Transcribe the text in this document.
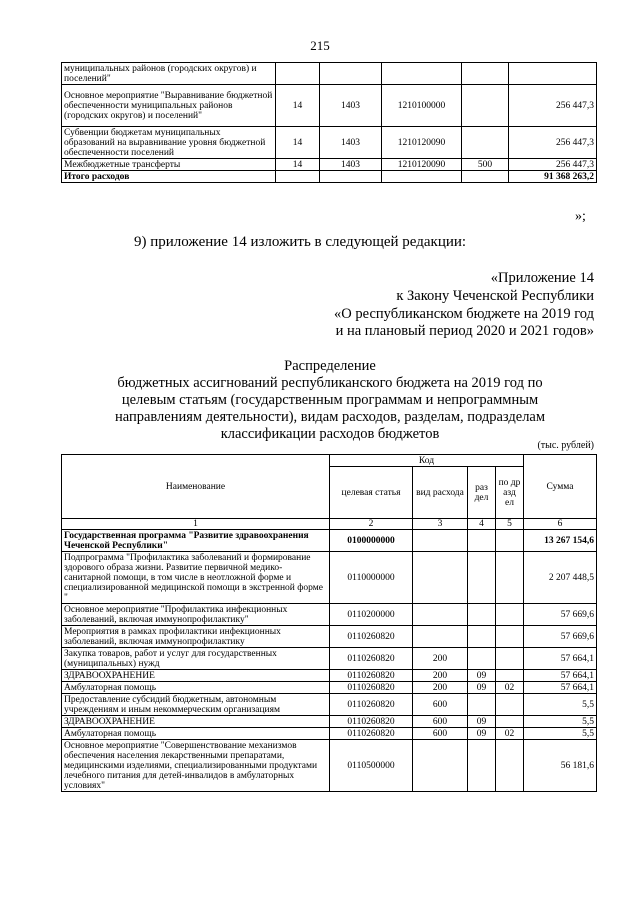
215
муниципальных районов (городских округов) и поселений"					
Основное мероприятие "Выравнивание бюджетной обеспеченности муниципальных районов (городских округов) и поселений"	14	1403	1210100000		256 447,3
Субвенции бюджетам муниципальных образований на выравнивание уровня бюджетной обеспеченности поселений	14	1403	1210120090		256 447,3
Межбюджетные трансферты	14	1403	1210120090	500	256 447,3
Итого расходов					91 368 263,2
»;
9) приложение 14 изложить в следующей редакции:
«Приложение 14
к Закону Чеченской Республики
«О республиканском бюджете на 2019 год
и на плановый период 2020 и 2021 годов»
Распределение
бюджетных ассигнований республиканского бюджета на 2019 год по
целевым статьям (государственным программам и непрограммным
направлениям деятельности), видам расходов, разделам, подразделам
классификации расходов бюджетов
(тыс. рублей)
Наименование	Код				Сумма
	целевая статья	вид расхода	раз дел	по др азд ел	
1	2	3	4	5	6
Государственная программа "Развитие здравоохранения Чеченской Республики"	0100000000				13 267 154,6
Подпрограмма "Профилактика заболеваний и формирование здорового образа жизни. Развитие первичной медико-санитарной помощи, в том числе в неотложной форме и специализированной медицинской помощи в экстренной форме "	0110000000				2 207 448,5
Основное мероприятие "Профилактика инфекционных заболеваний, включая иммунопрофилактику"	0110200000				57 669,6
Мероприятия в рамках профилактики инфекционных заболеваний, включая иммунопрофилактику	0110260820				57 669,6
Закупка товаров, работ и услуг для государственных (муниципальных) нужд	0110260820	200			57 664,1
ЗДРАВООХРАНЕНИЕ	0110260820	200	09		57 664,1
Амбулаторная помощь	0110260820	200	09	02	57 664,1
Предоставление субсидий бюджетным, автономным учреждениям и иным некоммерческим организациям	0110260820	600			5,5
ЗДРАВООХРАНЕНИЕ	0110260820	600	09		5,5
Амбулаторная помощь	0110260820	600	09	02	5,5
Основное мероприятие "Совершенствование механизмов обеспечения населения лекарственными препаратами, медицинскими изделиями, специализированными продуктами лечебного питания для детей-инвалидов в амбулаторных условиях"	0110500000				56 181,6
